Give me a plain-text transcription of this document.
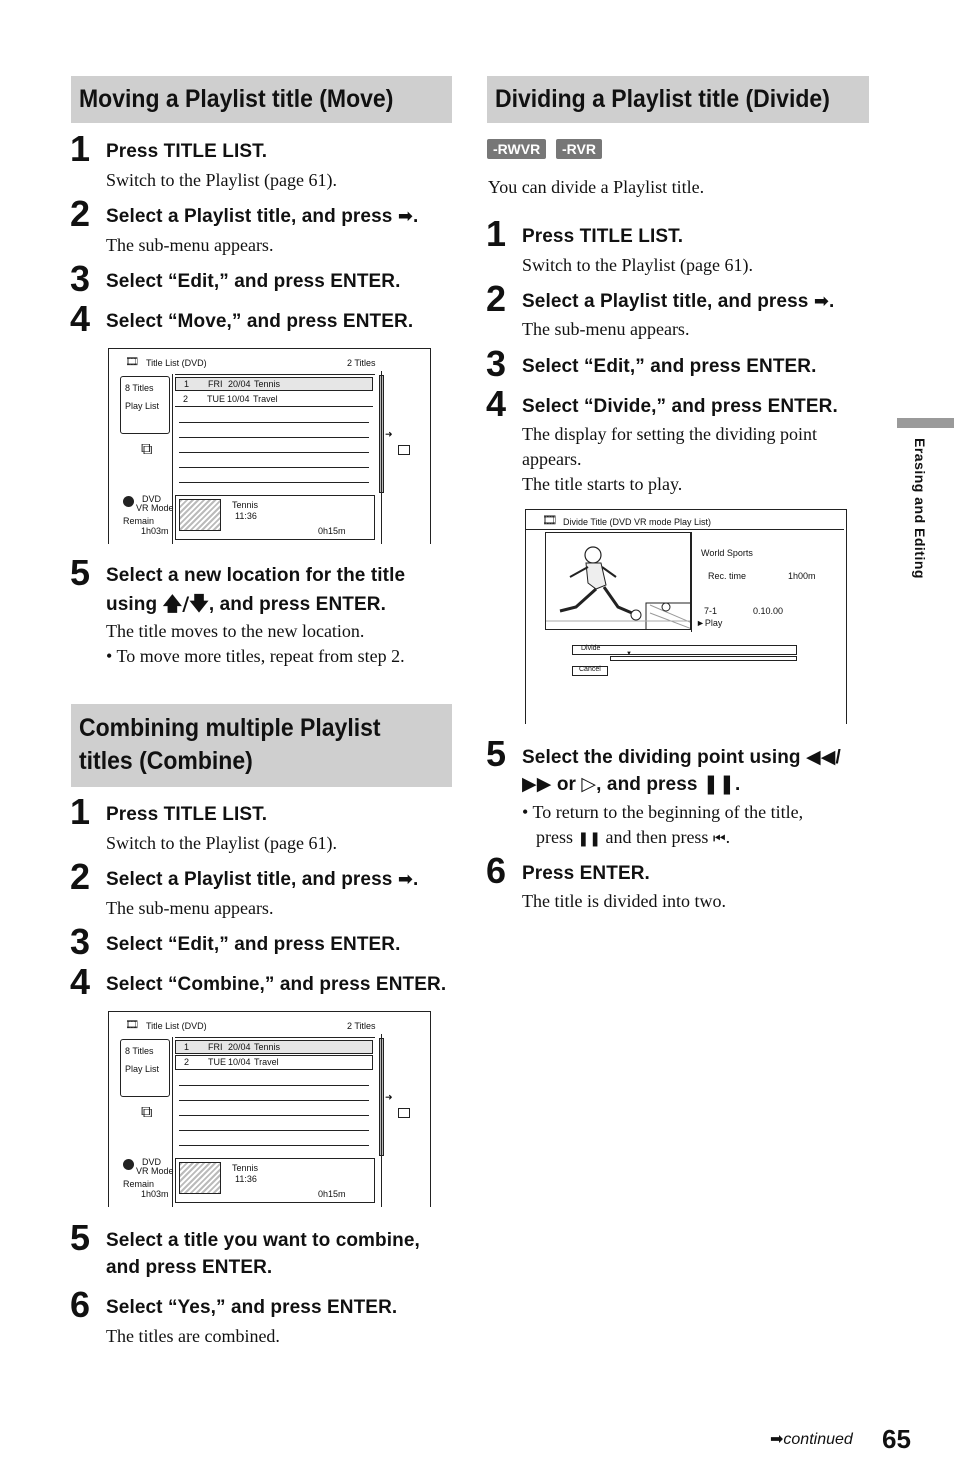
Moving a Playlist title (Move)
1 Press TITLE LIST.
Switch to the Playlist (page 61).
2 Select a Playlist title, and press ➡.
The sub-menu appears.
3 Select “Edit,” and press ENTER.
4 Select “Move,” and press ENTER.
🎞 Title List (DVD)	2 Titles
8 Titles
Play List
⧉
1 FRI 20/04 Tennis
2 TUE 10/04 Travel
➜
DVD
VR Mode
Remain
1h03m
Tennis
11:36
0h15m
5 Select a new location for the title
using 🡅/🡇, and press ENTER.
The title moves to the new location.
• To move more titles, repeat from step 2.
Combining multiple Playlist
titles (Combine)
1 Press TITLE LIST.
Switch to the Playlist (page 61).
2 Select a Playlist title, and press ➡.
The sub-menu appears.
3 Select “Edit,” and press ENTER.
4 Select “Combine,” and press ENTER.
🎞 Title List (DVD)	2 Titles
8 Titles
Play List
⧉
1 FRI 20/04 Tennis
2 TUE 10/04 Travel
➜
DVD
VR Mode
Remain
1h03m
Tennis
11:36
0h15m
5 Select a title you want to combine,
and press ENTER.
6 Select “Yes,” and press ENTER.
The titles are combined.
Dividing a Playlist title (Divide)
-RWVR	-RVR
You can divide a Playlist title.
1 Press TITLE LIST.
Switch to the Playlist (page 61).
2 Select a Playlist title, and press ➡.
The sub-menu appears.
3 Select “Edit,” and press ENTER.
4 Select “Divide,” and press ENTER.
The display for setting the dividing point
appears.
The title starts to play.
🎞 Divide Title (DVD VR mode Play List)
World Sports
Rec. time	1h00m
7-1	0.10.00
►Play
Divide
▼
Cancel
5 Select the dividing point using ◀◀/
▶▶ or ▷, and press ❚❚.
• To return to the beginning of the title,
press ❚❚ and then press ⏮.
6 Press ENTER.
The title is divided into two.
Erasing and Editing
➡continued 65
